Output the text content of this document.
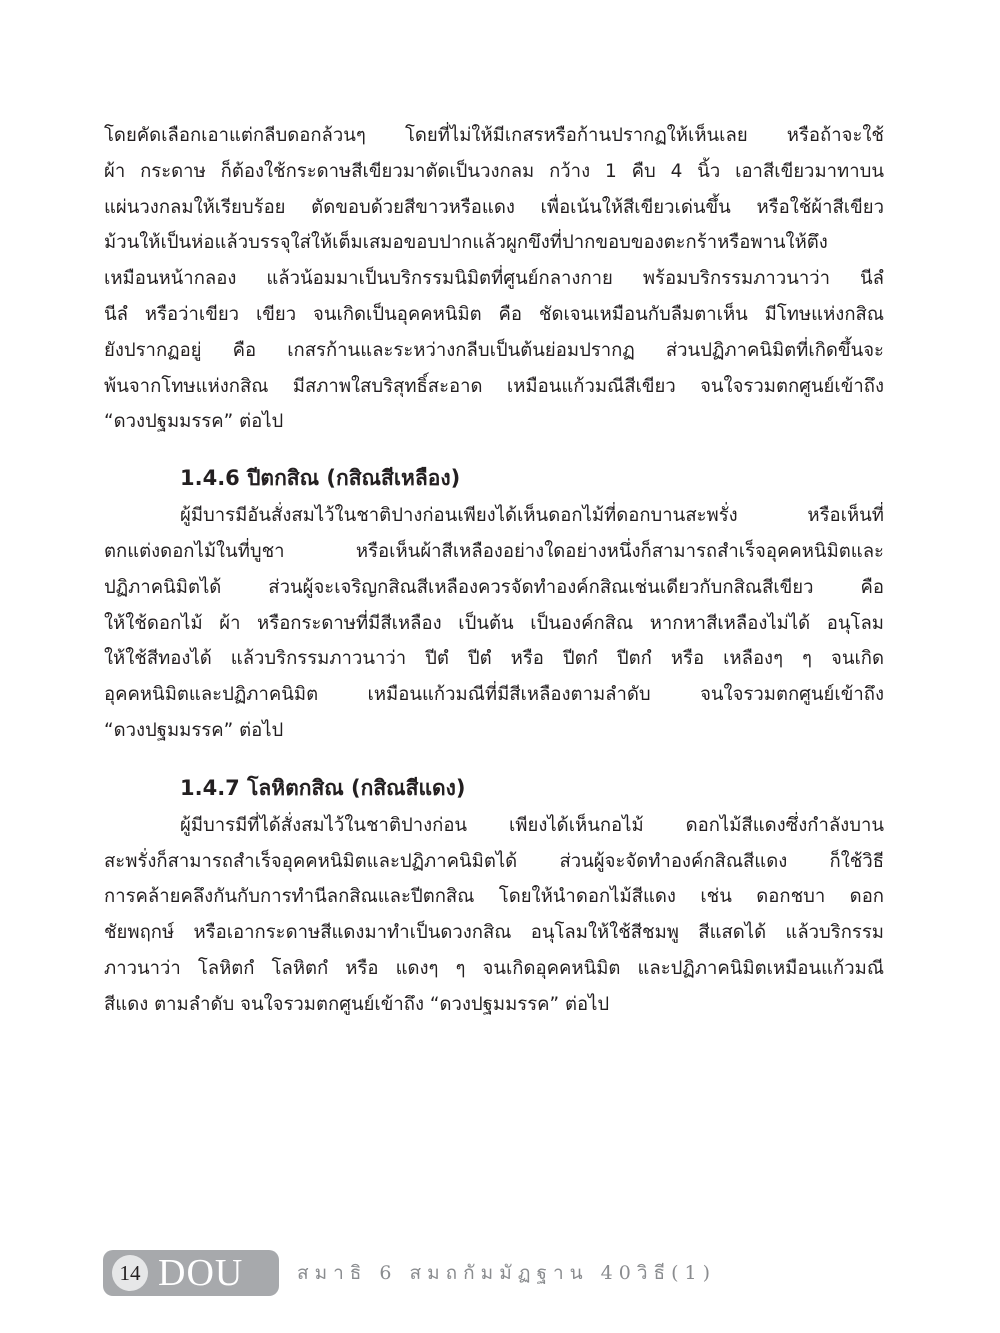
โดยคัดเลือกเอาแต่กลีบดอกล้วนๆ โดยที่ไม่ให้มีเกสรหรือก้านปรากฏให้เห็นเลย หรือถ้าจะใช้

ผ้า กระดาษ ก็ต้องใช้กระดาษสีเขียวมาตัดเป็นวงกลม กว้าง 1 คืบ 4 นิ้ว เอาสีเขียวมาทาบน

แผ่นวงกลมให้เรียบร้อย ตัดขอบด้วยสีขาวหรือแดง เพื่อเน้นให้สีเขียวเด่นขึ้น หรือใช้ผ้าสีเขียว

ม้วนให้เป็นห่อแล้วบรรจุใส่ให้เต็มเสมอขอบปากแล้วผูกขึงที่ปากขอบของตะกร้าหรือพานให้ตึง

เหมือนหน้ากลอง แล้วน้อมมาเป็นบริกรรมนิมิตที่ศูนย์กลางกาย พร้อมบริกรรมภาวนาว่า นีลํ

นีลํ หรือว่าเขียว เขียว จนเกิดเป็นอุคคหนิมิต คือ ชัดเจนเหมือนกับลืมตาเห็น มีโทษแห่งกสิณ

ยังปรากฏอยู่ คือ เกสรก้านและระหว่างกลีบเป็นต้นย่อมปรากฏ ส่วนปฏิภาคนิมิตที่เกิดขึ้นจะ

พ้นจากโทษแห่งกสิณ มีสภาพใสบริสุทธิ์สะอาด เหมือนแก้วมณีสีเขียว จนใจรวมตกศูนย์เข้าถึง

“ดวงปฐมมรรค” ต่อไป

1.4.6 ปีตกสิณ (กสิณสีเหลือง)

ผู้มีบารมีอันสั่งสมไว้ในชาติปางก่อนเพียงได้เห็นดอกไม้ที่ดอกบานสะพรั่ง หรือเห็นที่

ตกแต่งดอกไม้ในที่บูชา หรือเห็นผ้าสีเหลืองอย่างใดอย่างหนึ่งก็สามารถสำเร็จอุคคหนิมิตและ

ปฏิภาคนิมิตได้ ส่วนผู้จะเจริญกสิณสีเหลืองควรจัดทำองค์กสิณเช่นเดียวกับกสิณสีเขียว คือ

ให้ใช้ดอกไม้ ผ้า หรือกระดาษที่มีสีเหลือง เป็นต้น เป็นองค์กสิณ หากหาสีเหลืองไม่ได้ อนุโลม

ให้ใช้สีทองได้ แล้วบริกรรมภาวนาว่า ปีตํ ปีตํ หรือ ปีตกํ ปีตกํ หรือ เหลืองๆ ๆ จนเกิด

อุคคหนิมิตและปฏิภาคนิมิต เหมือนแก้วมณีที่มีสีเหลืองตามลำดับ จนใจรวมตกศูนย์เข้าถึง

“ดวงปฐมมรรค” ต่อไป

1.4.7 โลหิตกสิณ (กสิณสีแดง)

ผู้มีบารมีที่ได้สั่งสมไว้ในชาติปางก่อน เพียงได้เห็นกอไม้ ดอกไม้สีแดงซึ่งกำลังบาน

สะพรั่งก็สามารถสำเร็จอุคคหนิมิตและปฏิภาคนิมิตได้ ส่วนผู้จะจัดทำองค์กสิณสีแดง ก็ใช้วิธี

การคล้ายคลึงกันกับการทำนีลกสิณและปีตกสิณ โดยให้นำดอกไม้สีแดง เช่น ดอกชบา ดอก

ชัยพฤกษ์ หรือเอากระดาษสีแดงมาทำเป็นดวงกสิณ อนุโลมให้ใช้สีชมพู สีแสดได้ แล้วบริกรรม

ภาวนาว่า โลหิตกํ โลหิตกํ หรือ แดงๆ ๆ จนเกิดอุคคหนิมิต และปฏิภาคนิมิตเหมือนแก้วมณี

สีแดง ตามลำดับ จนใจรวมตกศูนย์เข้าถึง “ดวงปฐมมรรค” ต่อไป

14 DOU	สมาธิ 6 สมถกัมมัฏฐาน 40วิธี(1)
